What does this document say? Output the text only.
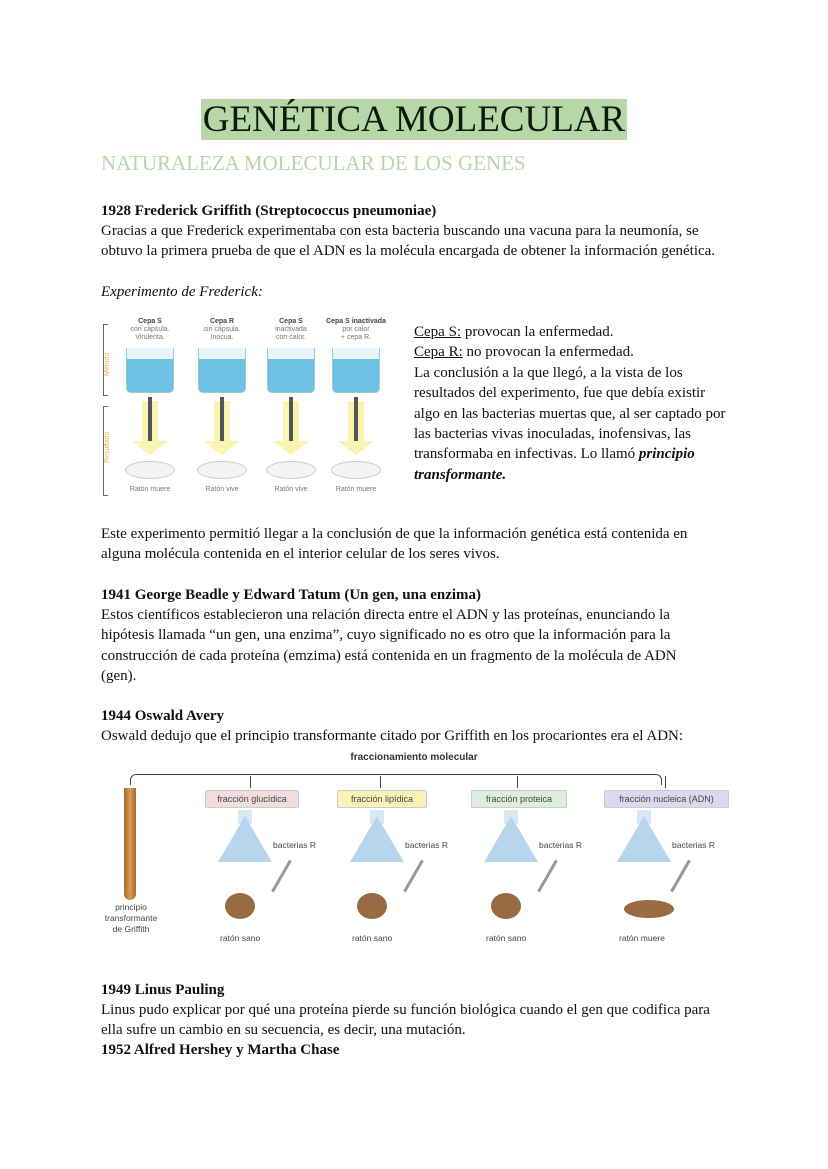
GENÉTICA MOLECULAR
NATURALEZA MOLECULAR DE LOS GENES
1928 Frederick Griffith (Streptococcus pneumoniae)
Gracias a que Frederick experimentaba con esta bacteria buscando una vacuna para la neumonía, se obtuvo la primera prueba de que el ADN es la molécula encargada de obtener la información genética.
Experimento de Frederick:
Método
Resultado
Cepa S
con cápsula.
Virulenta.
Ratón muere
Cepa R
sin cápsula.
Inocua.
Ratón vive
Cepa S
inactivada
con calor.
Ratón vive
Cepa S inactivada
por calor
+ cepa R.
Ratón muere
Cepa S: provocan la enfermedad.
Cepa R: no provocan la enfermedad.
La conclusión a la que llegó, a la vista de los resultados del experimento, fue que debía existir algo en las bacterias muertas que, al ser captado por las bacterias vivas inoculadas, inofensivas, las transformaba en infectivas. Lo llamó principio transformante.
Este experimento permitió llegar a la conclusión de que la información genética está contenida en alguna molécula contenida en el interior celular de los seres vivos.
1941 George Beadle y Edward Tatum (Un gen, una enzima)
Estos científicos establecieron una relación directa entre el ADN y las proteínas, enunciando la hipótesis llamada “un gen, una enzima”, cuyo significado no es otro que la información para la construcción de cada proteína (emzima) está contenida en un fragmento de la molécula de ADN (gen).
1944 Oswald Avery
Oswald dedujo que el principio transformante citado por Griffith en los procariontes era el ADN:
fraccionamiento molecular
principio
transformante
de Griffith
fracción glucídica
bacterias R
ratón sano
fracción lipídica
bacterias R
ratón sano
fracción proteica
bacterias R
ratón sano
fracción nucleica (ADN)
bacterias R
ratón muere
1949 Linus Pauling
Linus pudo explicar por qué una proteína pierde su función biológica cuando el gen que codifica para ella sufre un cambio en su secuencia, es decir, una mutación.
1952 Alfred Hershey y Martha Chase
